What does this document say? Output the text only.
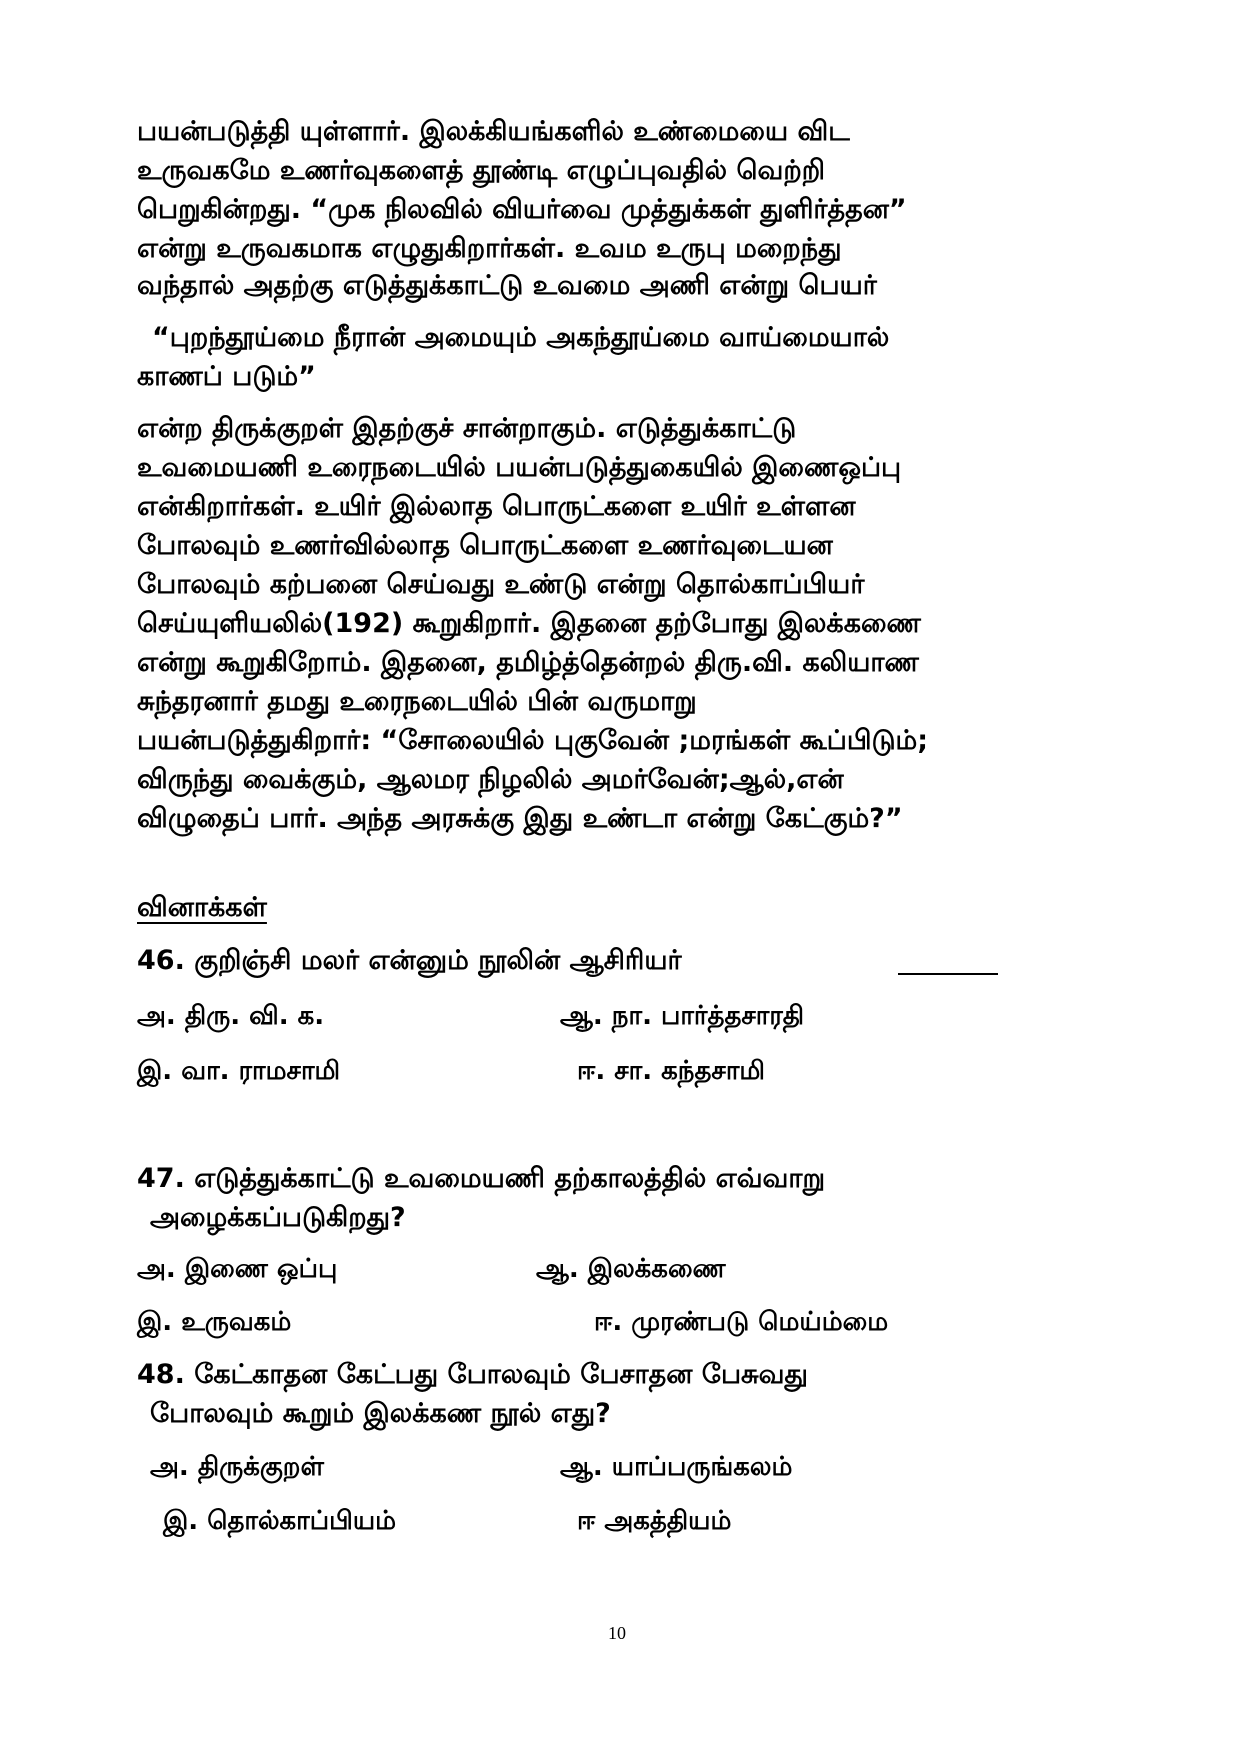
பயன்படுத்தி யுள்ளார். இலக்கியங்களில் உண்மையை விட
உருவகமே உணர்வுகளைத் தூண்டி எழுப்புவதில் வெற்றி
பெறுகின்றது. “முக நிலவில் வியர்வை முத்துக்கள் துளிர்த்தன”
என்று உருவகமாக எழுதுகிறார்கள். உவம உருபு மறைந்து
வந்தால் அதற்கு எடுத்துக்காட்டு உவமை அணி என்று பெயர்
“புறந்தூய்மை நீரான் அமையும் அகந்தூய்மை வாய்மையால்
காணப் படும்”
என்ற திருக்குறள் இதற்குச் சான்றாகும். எடுத்துக்காட்டு
உவமையணி உரைநடையில் பயன்படுத்துகையில் இணைஒப்பு
என்கிறார்கள். உயிர் இல்லாத பொருட்களை உயிர் உள்ளன
போலவும் உணர்வில்லாத பொருட்களை உணர்வுடையன
போலவும் கற்பனை செய்வது உண்டு என்று தொல்காப்பியர்
செய்யுளியலில்(192) கூறுகிறார். இதனை தற்போது இலக்கணை
என்று கூறுகிறோம். இதனை, தமிழ்த்தென்றல் திரு.வி. கலியாண
சுந்தரனார் தமது உரைநடையில் பின் வருமாறு
பயன்படுத்துகிறார்: “சோலையில் புகுவேன் ;மரங்கள் கூப்பிடும்;
விருந்து வைக்கும், ஆலமர நிழலில் அமர்வேன்;ஆல்,என்
விழுதைப் பார். அந்த அரசுக்கு இது உண்டா என்று கேட்கும்?”
வினாக்கள்
46. குறிஞ்சி மலர் என்னும் நூலின் ஆசிரியர்
அ. திரு. வி. க.	ஆ. நா. பார்த்தசாரதி
இ. வா. ராமசாமி	ஈ. சா. கந்தசாமி
47. எடுத்துக்காட்டு உவமையணி தற்காலத்தில் எவ்வாறு
அழைக்கப்படுகிறது?
அ. இணை ஒப்பு	ஆ. இலக்கணை
இ. உருவகம்	ஈ. முரண்படு மெய்ம்மை
48. கேட்காதன கேட்பது போலவும் பேசாதன பேசுவது
போலவும் கூறும் இலக்கண நூல் எது?
அ. திருக்குறள்	ஆ. யாப்பருங்கலம்
இ. தொல்காப்பியம்	ஈ அகத்தியம்
10
